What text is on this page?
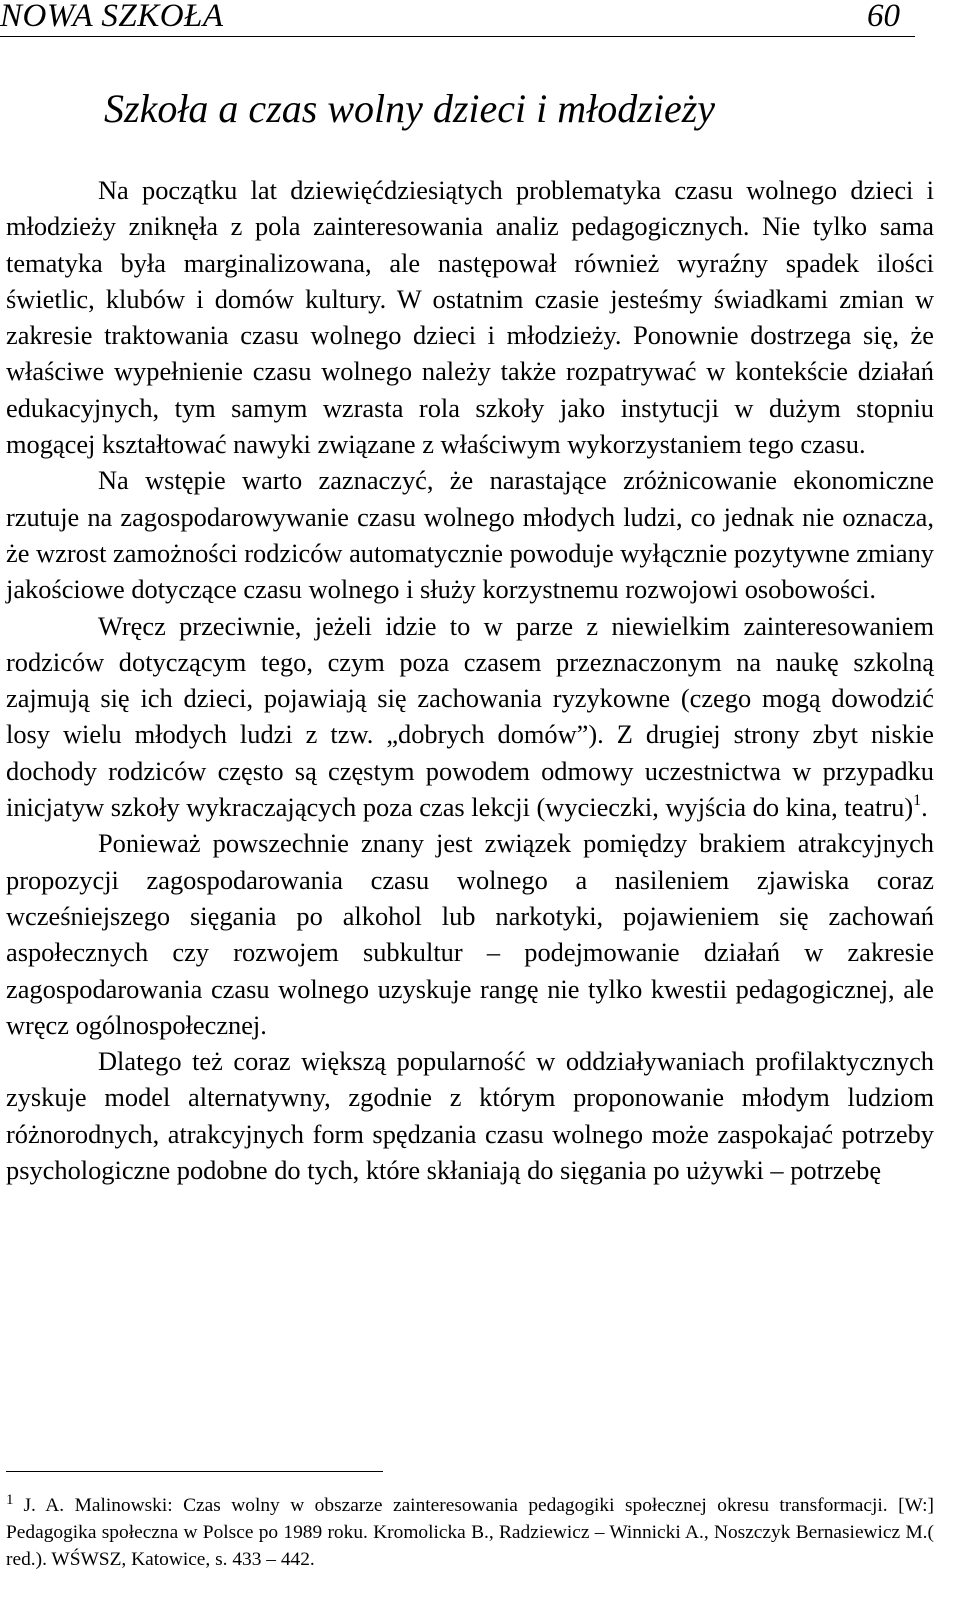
NOWA SZKOŁA	60
Szkoła a czas wolny dzieci i młodzieży

Na początku lat dziewięćdziesiątych problematyka czasu wolnego dzieci i młodzieży zniknęła z pola zainteresowania analiz pedagogicznych. Nie tylko sama tematyka była marginalizowana, ale następował również wyraźny spadek ilości świetlic, klubów i domów kultury. W ostatnim czasie jesteśmy świadkami zmian w zakresie traktowania czasu wolnego dzieci i młodzieży. Ponownie dostrzega się, że właściwe wypełnienie czasu wolnego należy także rozpatrywać w kontekście działań edukacyjnych, tym samym wzrasta rola szkoły jako instytucji w dużym stopniu mogącej kształtować nawyki związane z właściwym wykorzystaniem tego czasu.

Na wstępie warto zaznaczyć, że narastające zróżnicowanie ekonomiczne rzutuje na zagospodarowywanie czasu wolnego młodych ludzi, co jednak nie oznacza, że wzrost zamożności rodziców automatycznie powoduje wyłącznie pozytywne zmiany jakościowe dotyczące czasu wolnego i służy korzystnemu rozwojowi osobowości.

Wręcz przeciwnie, jeżeli idzie to w parze z niewielkim zainteresowaniem rodziców dotyczącym tego, czym poza czasem przeznaczonym na naukę szkolną zajmują się ich dzieci, pojawiają się zachowania ryzykowne (czego mogą dowodzić losy wielu młodych ludzi z tzw. „dobrych domów”). Z drugiej strony zbyt niskie dochody rodziców często są częstym powodem odmowy uczestnictwa w przypadku inicjatyw szkoły wykraczających poza czas lekcji (wycieczki, wyjścia do kina, teatru)$^1$.

Ponieważ powszechnie znany jest związek pomiędzy brakiem atrakcyjnych propozycji zagospodarowania czasu wolnego a nasileniem zjawiska coraz wcześniejszego sięgania po alkohol lub narkotyki, pojawieniem się zachowań aspołecznych czy rozwojem subkultur – podejmowanie działań w zakresie zagospodarowania czasu wolnego uzyskuje rangę nie tylko kwestii pedagogicznej, ale wręcz ogólnospołecznej.

Dlatego też coraz większą popularność w oddziaływaniach profilaktycznych zyskuje model alternatywny, zgodnie z którym proponowanie młodym ludziom różnorodnych, atrakcyjnych form spędzania czasu wolnego może zaspokajać potrzeby psychologiczne podobne do tych, które skłaniają do sięgania po używki – potrzebę

$^1$ J. A. Malinowski: Czas wolny w obszarze zainteresowania pedagogiki społecznej okresu transformacji. [W:] Pedagogika społeczna w Polsce po 1989 roku. Kromolicka B., Radziewicz – Winnicki A., Noszczyk Bernasiewicz M.( red.). WŚWSZ, Katowice, s. 433 – 442.
